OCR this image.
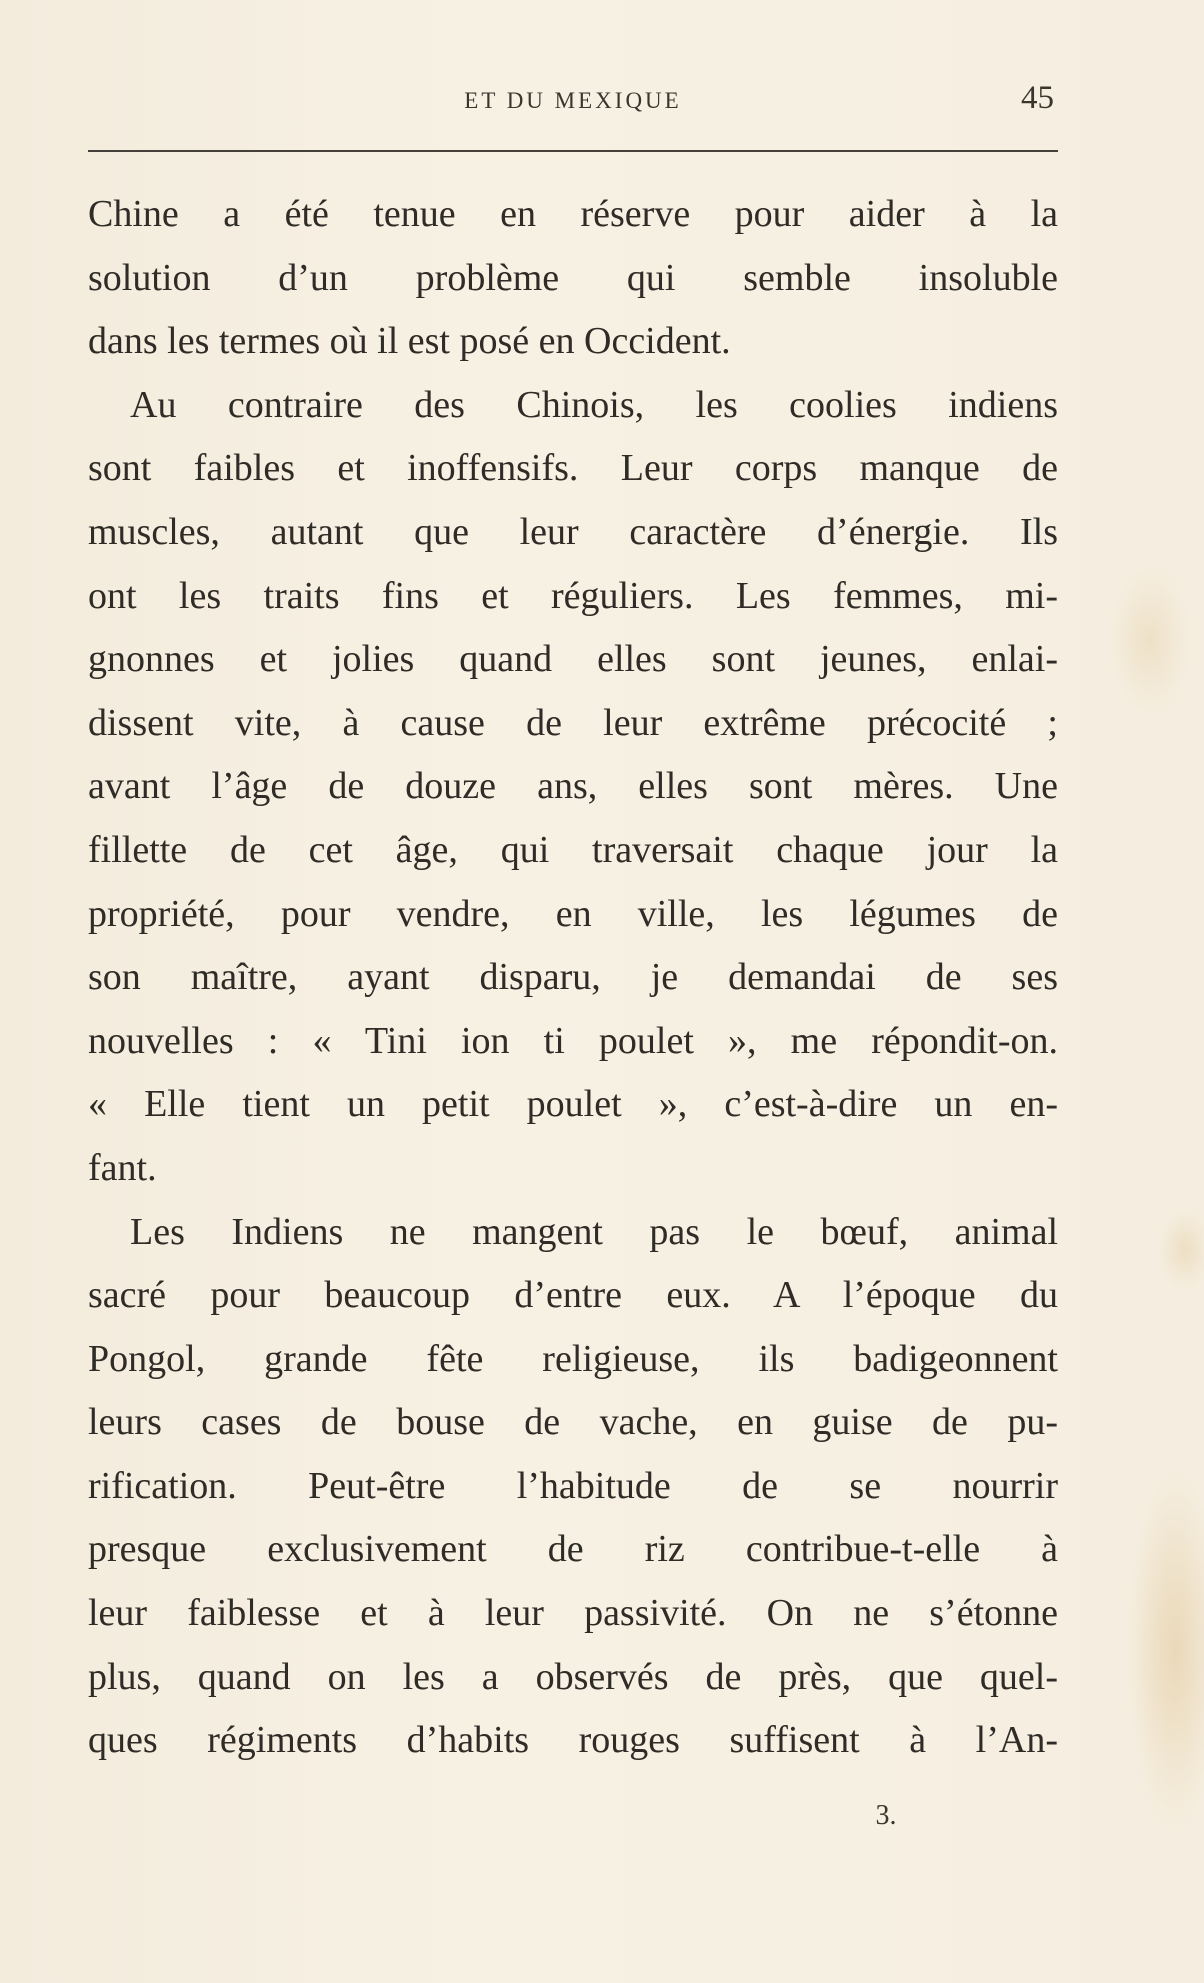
ET DU MEXIQUE	45
Chine a été tenue en réserve pour aider à la
solution d’un problème qui semble insoluble
dans les termes où il est posé en Occident.
Au contraire des Chinois, les coolies indiens
sont faibles et inoffensifs. Leur corps manque de
muscles, autant que leur caractère d’énergie. Ils
ont les traits fins et réguliers. Les femmes, mi-
gnonnes et jolies quand elles sont jeunes, enlai-
dissent vite, à cause de leur extrême précocité ;
avant l’âge de douze ans, elles sont mères. Une
fillette de cet âge, qui traversait chaque jour la
propriété, pour vendre, en ville, les légumes de
son maître, ayant disparu, je demandai de ses
nouvelles : « Tini ion ti poulet », me répondit-on.
« Elle tient un petit poulet », c’est-à-dire un en-
fant.
Les Indiens ne mangent pas le bœuf, animal
sacré pour beaucoup d’entre eux. A l’époque du
Pongol, grande fête religieuse, ils badigeonnent
leurs cases de bouse de vache, en guise de pu-
rification. Peut-être l’habitude de se nourrir
presque exclusivement de riz contribue-t-elle à
leur faiblesse et à leur passivité. On ne s’étonne
plus, quand on les a observés de près, que quel-
ques régiments d’habits rouges suffisent à l’An-
3.
